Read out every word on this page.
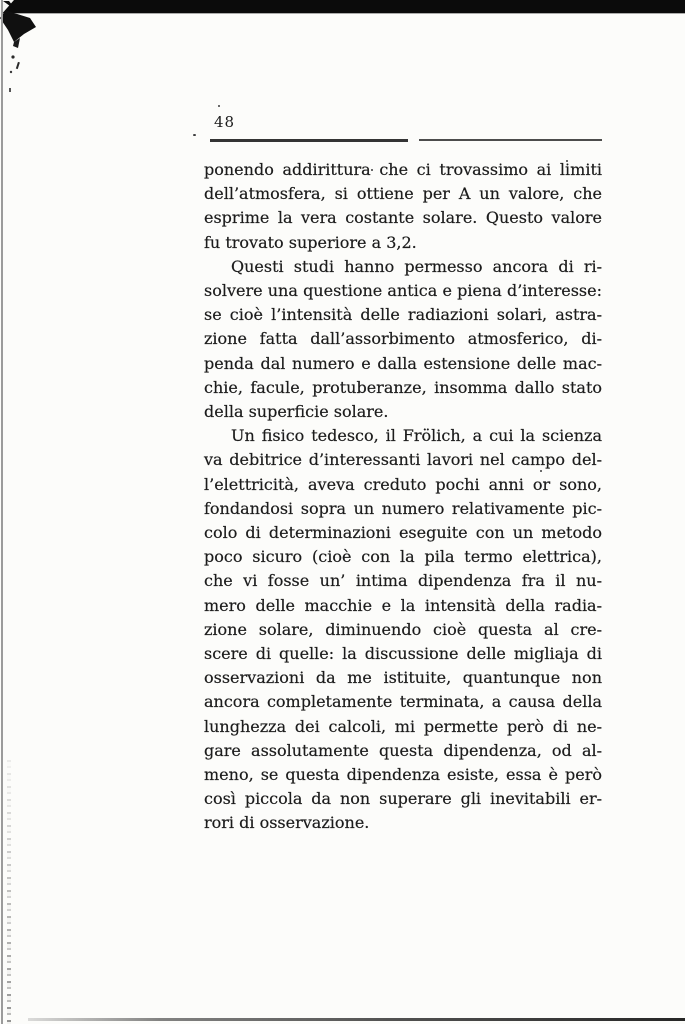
48
ponendo addirittura che ci trovassimo ai limiti
dell’atmosfera, si ottiene per A un valore, che
esprime la vera costante solare. Questo valore
fu trovato superiore a 3,2.
Questi studi hanno permesso ancora di ri-
solvere una questione antica e piena d’interesse:
se cioè l’intensità delle radiazioni solari, astra-
zione fatta dall’assorbimento atmosferico, di-
penda dal numero e dalla estensione delle mac-
chie, facule, protuberanze, insomma dallo stato
della superficie solare.
Un fisico tedesco, il Frölich, a cui la scienza
va debitrice d’interessanti lavori nel campo del-
l’elettricità, aveva creduto pochi anni or sono,
fondandosi sopra un numero relativamente pic-
colo di determinazioni eseguite con un metodo
poco sicuro (cioè con la pila termo elettrica),
che vi fosse un’ intima dipendenza fra il nu-
mero delle macchie e la intensità della radia-
zione solare, diminuendo cioè questa al cre-
scere di quelle: la discussione delle migliaja di
osservazioni da me istituite, quantunque non
ancora completamente terminata, a causa della
lunghezza dei calcoli, mi permette però di ne-
gare assolutamente questa dipendenza, od al-
meno, se questa dipendenza esiste, essa è però
così piccola da non superare gli inevitabili er-
rori di osservazione.
